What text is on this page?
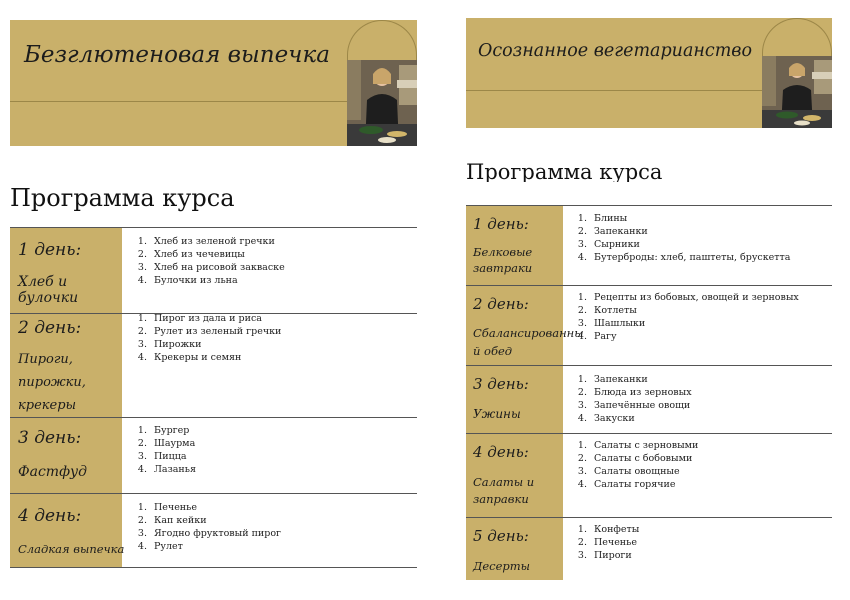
Безглютеновая выпечка
Программа курса
1 день:
Хлеб и булочки
1. Хлеб из зеленой гречки
2. Хлеб из чечевицы
3. Хлеб на рисовой закваске
4. Булочки из льна
2 день:
Пироги, пирожки, крекеры
1. Пирог из дала и риса
2. Рулет из зеленый гречки
3. Пирожки
4. Крекеры и семян
3 день:
Фастфуд
1. Бургер
2. Шаурма
3. Пицца
4. Лазанья
4 день:
Сладкая выпечка
1. Печенье
2. Кап кейки
3. Ягодно фруктовый пирог
4. Рулет
Осознанное вегетарианство
Программа курса
1 день:
Белковые завтраки
1. Блины
2. Запеканки
3. Сырники
4. Бутерброды: хлеб, паштеты, брускетта
2 день:
Сбалансированны й обед
1. Рецепты из бобовых, овощей и зерновых
2. Котлеты
3. Шашлыки
4. Рагу
3 день:
Ужины
1. Запеканки
2. Блюда из зерновых
3. Запечённые овощи
4. Закуски
4 день:
Салаты и заправки
1. Салаты с зерновыми
2. Салаты с бобовыми
3. Салаты овощные
4. Салаты горячие
5 день:
Десерты
1. Конфеты
2. Печенье
3. Пироги
